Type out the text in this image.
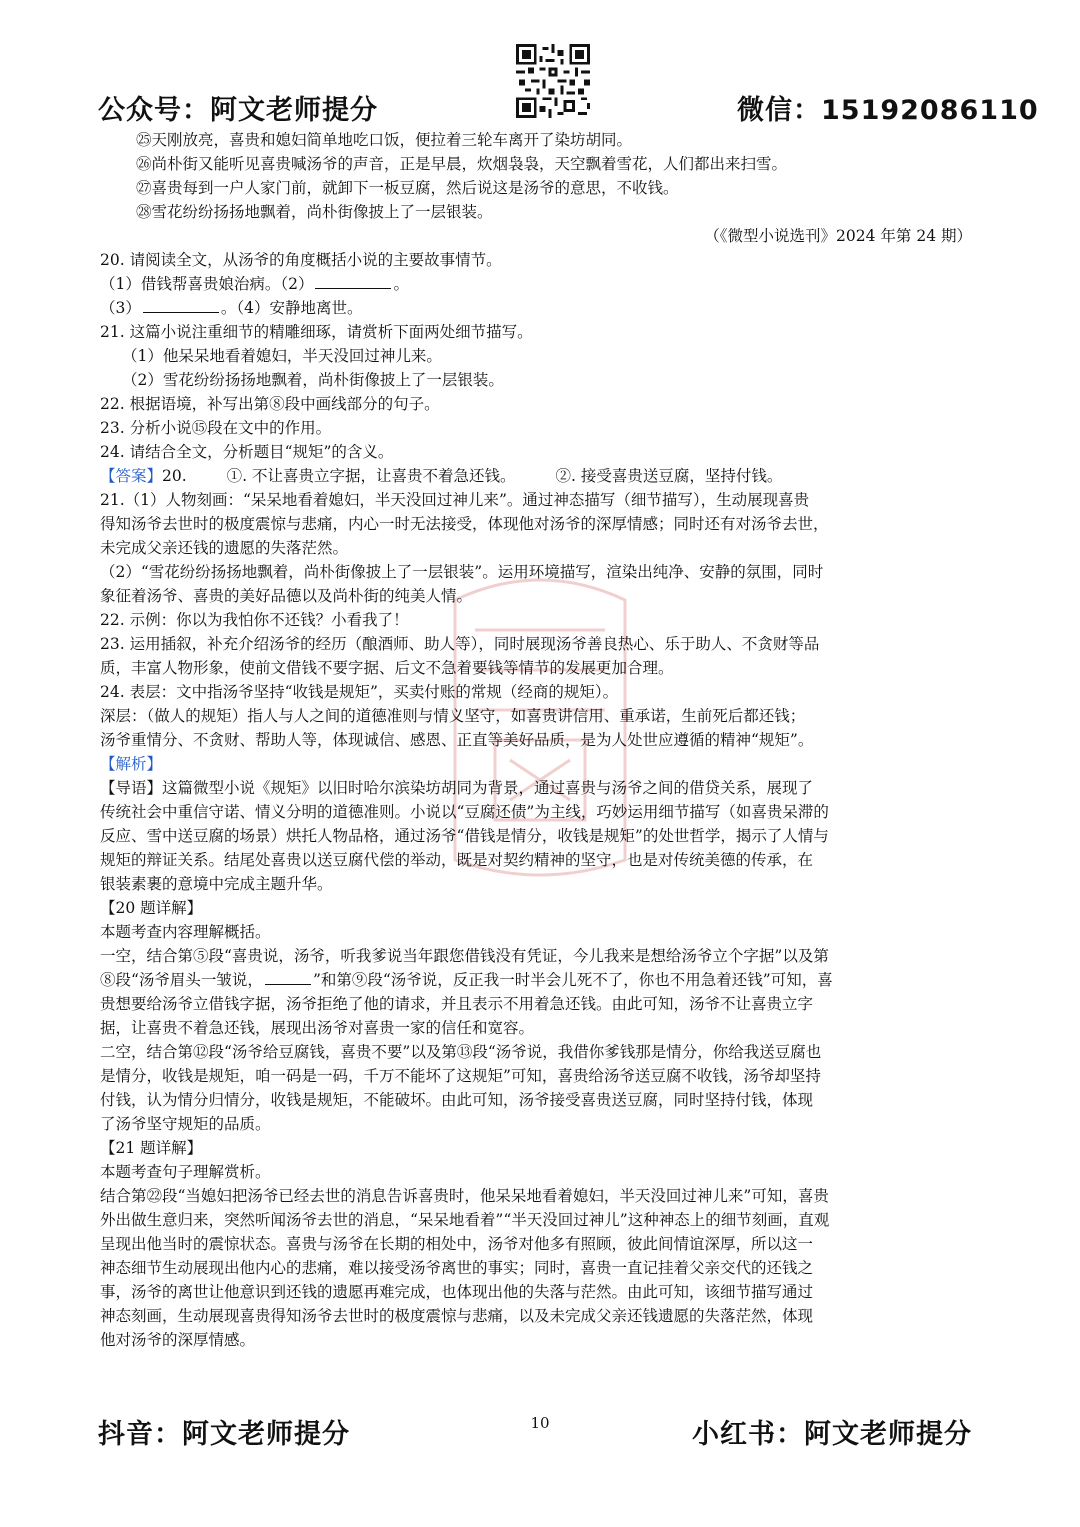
公众号：阿文老师提分	微信：15192086110
㉕天刚放亮，喜贵和媳妇简单地吃口饭，便拉着三轮车离开了染坊胡同。
㉖尚朴街又能听见喜贵喊汤爷的声音，正是早晨，炊烟袅袅，天空飘着雪花，人们都出来扫雪。
㉗喜贵每到一户人家门前，就卸下一板豆腐，然后说这是汤爷的意思，不收钱。
㉘雪花纷纷扬扬地飘着，尚朴街像披上了一层银装。
（《微型小说选刊》2024 年第 24 期）
20. 请阅读全文，从汤爷的角度概括小说的主要故事情节。
（1）借钱帮喜贵娘治病。（2）	。
（3）	。（4）安静地离世。
21. 这篇小说注重细节的精雕细琢，请赏析下面两处细节描写。
（1）他呆呆地看着媳妇，半天没回过神儿来。
（2）雪花纷纷扬扬地飘着，尚朴街像披上了一层银装。
22. 根据语境，补写出第⑧段中画线部分的句子。
23. 分析小说⑮段在文中的作用。
24. 请结合全文，分析题目“规矩”的含义。
【答案】20.	①. 不让喜贵立字据，让喜贵不着急还钱。	②. 接受喜贵送豆腐，坚持付钱。
21.（1）人物刻画：“呆呆地看着媳妇，半天没回过神儿来”。通过神态描写（细节描写），生动展现喜贵
得知汤爷去世时的极度震惊与悲痛，内心一时无法接受，体现他对汤爷的深厚情感；同时还有对汤爷去世，
未完成父亲还钱的遗愿的失落茫然。
（2）“雪花纷纷扬扬地飘着，尚朴街像披上了一层银装”。运用环境描写，渲染出纯净、安静的氛围，同时
象征着汤爷、喜贵的美好品德以及尚朴街的纯美人情。
22. 示例：你以为我怕你不还钱？小看我了！
23. 运用插叙，补充介绍汤爷的经历（酿酒师、助人等），同时展现汤爷善良热心、乐于助人、不贪财等品
质，丰富人物形象，使前文借钱不要字据、后文不急着要钱等情节的发展更加合理。
24. 表层：文中指汤爷坚持“收钱是规矩”，买卖付账的常规（经商的规矩）。
深层：（做人的规矩）指人与人之间的道德准则与情义坚守，如喜贵讲信用、重承诺，生前死后都还钱；
汤爷重情分、不贪财、帮助人等，体现诚信、感恩、正直等美好品质，是为人处世应遵循的精神“规矩”。
【解析】
【导语】这篇微型小说《规矩》以旧时哈尔滨染坊胡同为背景，通过喜贵与汤爷之间的借贷关系，展现了
传统社会中重信守诺、情义分明的道德准则。小说以“豆腐还债”为主线，巧妙运用细节描写（如喜贵呆滞的
反应、雪中送豆腐的场景）烘托人物品格，通过汤爷“借钱是情分，收钱是规矩”的处世哲学，揭示了人情与
规矩的辩证关系。结尾处喜贵以送豆腐代偿的举动，既是对契约精神的坚守，也是对传统美德的传承，在
银装素裹的意境中完成主题升华。
【20 题详解】
本题考查内容理解概括。
一空，结合第⑤段“喜贵说，汤爷，听我爹说当年跟您借钱没有凭证，今儿我来是想给汤爷立个字据”以及第
⑧段“汤爷眉头一皱说，	”和第⑨段“汤爷说，反正我一时半会儿死不了，你也不用急着还钱”可知，喜
贵想要给汤爷立借钱字据，汤爷拒绝了他的请求，并且表示不用着急还钱。由此可知，汤爷不让喜贵立字
据，让喜贵不着急还钱，展现出汤爷对喜贵一家的信任和宽容。
二空，结合第⑫段“汤爷给豆腐钱，喜贵不要”以及第⑬段“汤爷说，我借你爹钱那是情分，你给我送豆腐也
是情分，收钱是规矩，咱一码是一码，千万不能坏了这规矩”可知，喜贵给汤爷送豆腐不收钱，汤爷却坚持
付钱，认为情分归情分，收钱是规矩，不能破坏。由此可知，汤爷接受喜贵送豆腐，同时坚持付钱，体现
了汤爷坚守规矩的品质。
【21 题详解】
本题考查句子理解赏析。
结合第㉒段“当媳妇把汤爷已经去世的消息告诉喜贵时，他呆呆地看着媳妇，半天没回过神儿来”可知，喜贵
外出做生意归来，突然听闻汤爷去世的消息，“呆呆地看着”“半天没回过神儿”这种神态上的细节刻画，直观
呈现出他当时的震惊状态。喜贵与汤爷在长期的相处中，汤爷对他多有照顾，彼此间情谊深厚，所以这一
神态细节生动展现出他内心的悲痛，难以接受汤爷离世的事实；同时，喜贵一直记挂着父亲交代的还钱之
事，汤爷的离世让他意识到还钱的遗愿再难完成，也体现出他的失落与茫然。由此可知，该细节描写通过
神态刻画，生动展现喜贵得知汤爷去世时的极度震惊与悲痛，以及未完成父亲还钱遗愿的失落茫然，体现
他对汤爷的深厚情感。
抖音：阿文老师提分	10	小红书：阿文老师提分
